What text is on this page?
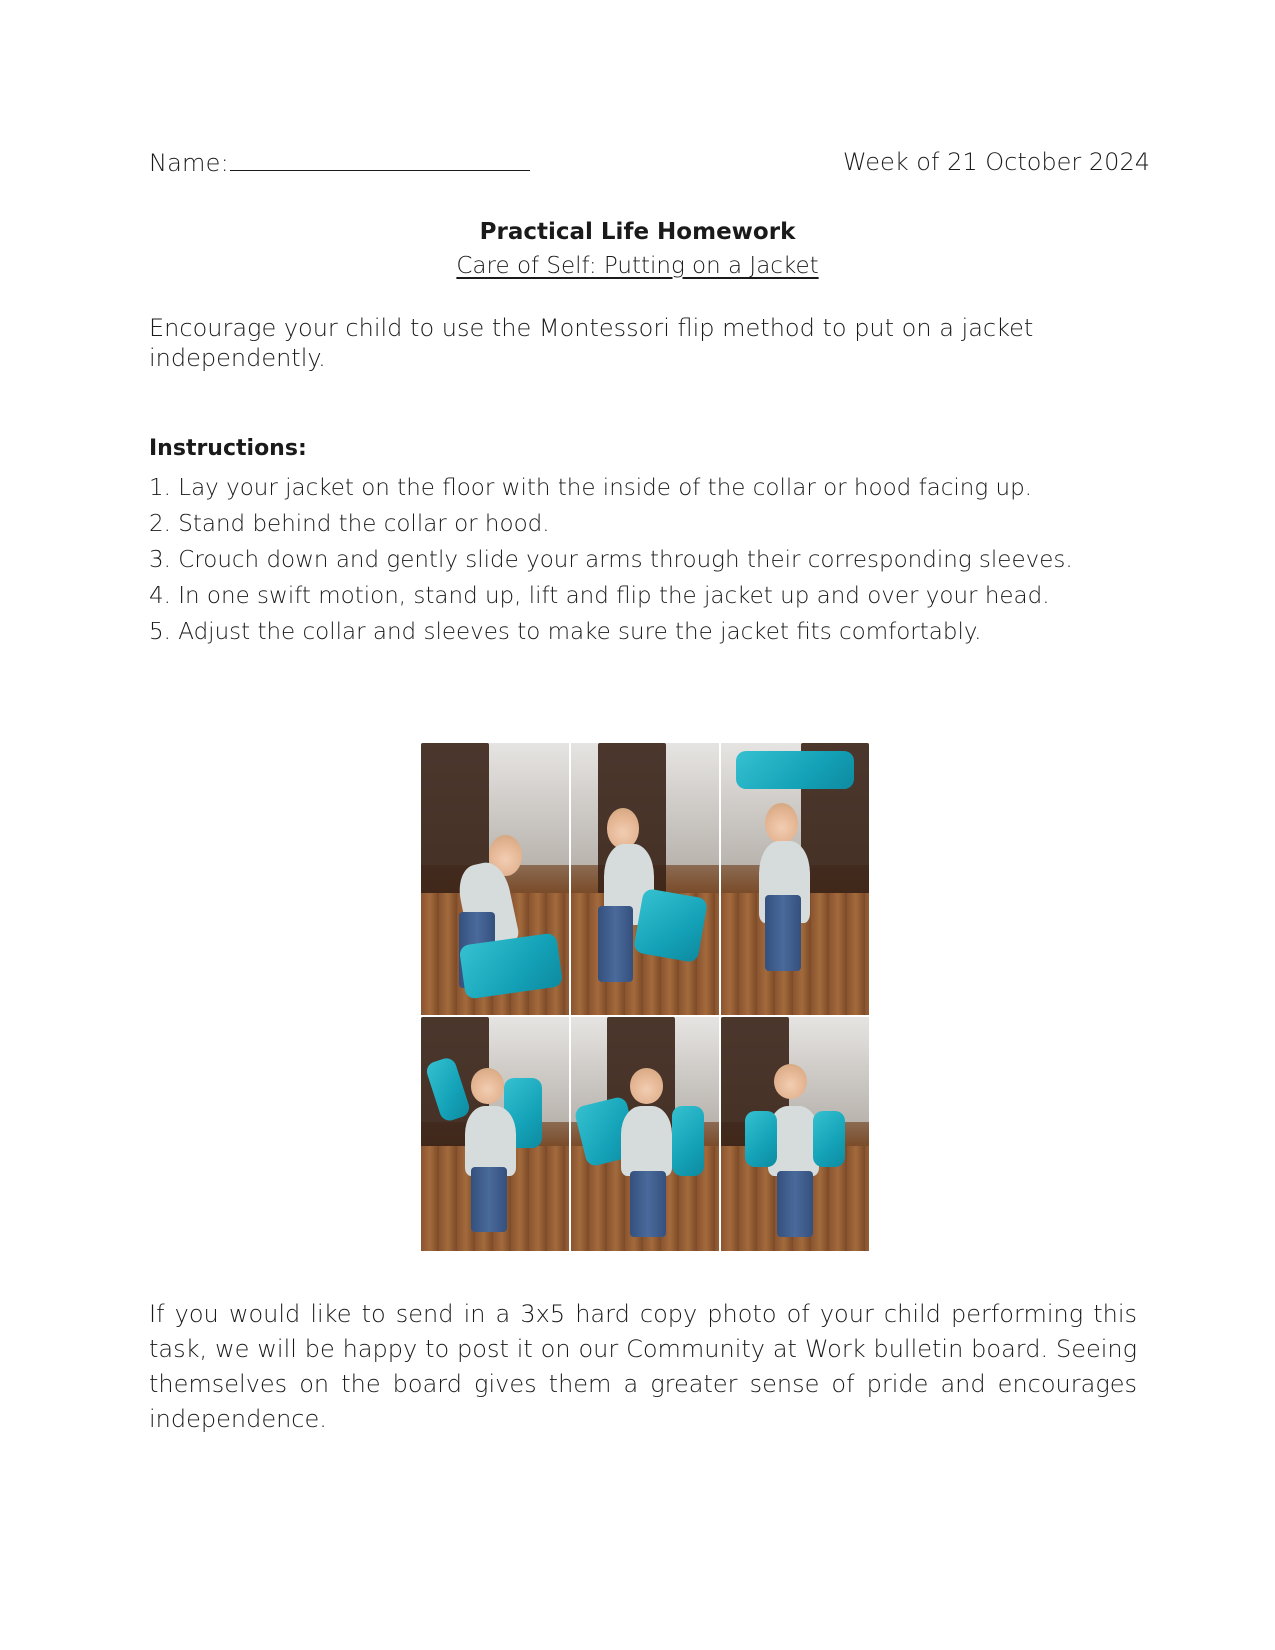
Name:	Week of 21 October 2024
Practical Life Homework
Care of Self: Putting on a Jacket
Encourage your child to use the Montessori flip method to put on a jacket independently.
Instructions:
1. Lay your jacket on the floor with the inside of the collar or hood facing up.
2. Stand behind the collar or hood.
3. Crouch down and gently slide your arms through their corresponding sleeves.
4. In one swift motion, stand up, lift and flip the jacket up and over your head.
5. Adjust the collar and sleeves to make sure the jacket fits comfortably.
If you would like to send in a 3x5 hard copy photo of your child performing this task, we will be happy to post it on our Community at Work bulletin board. Seeing themselves on the board gives them a greater sense of pride and encourages independence.
